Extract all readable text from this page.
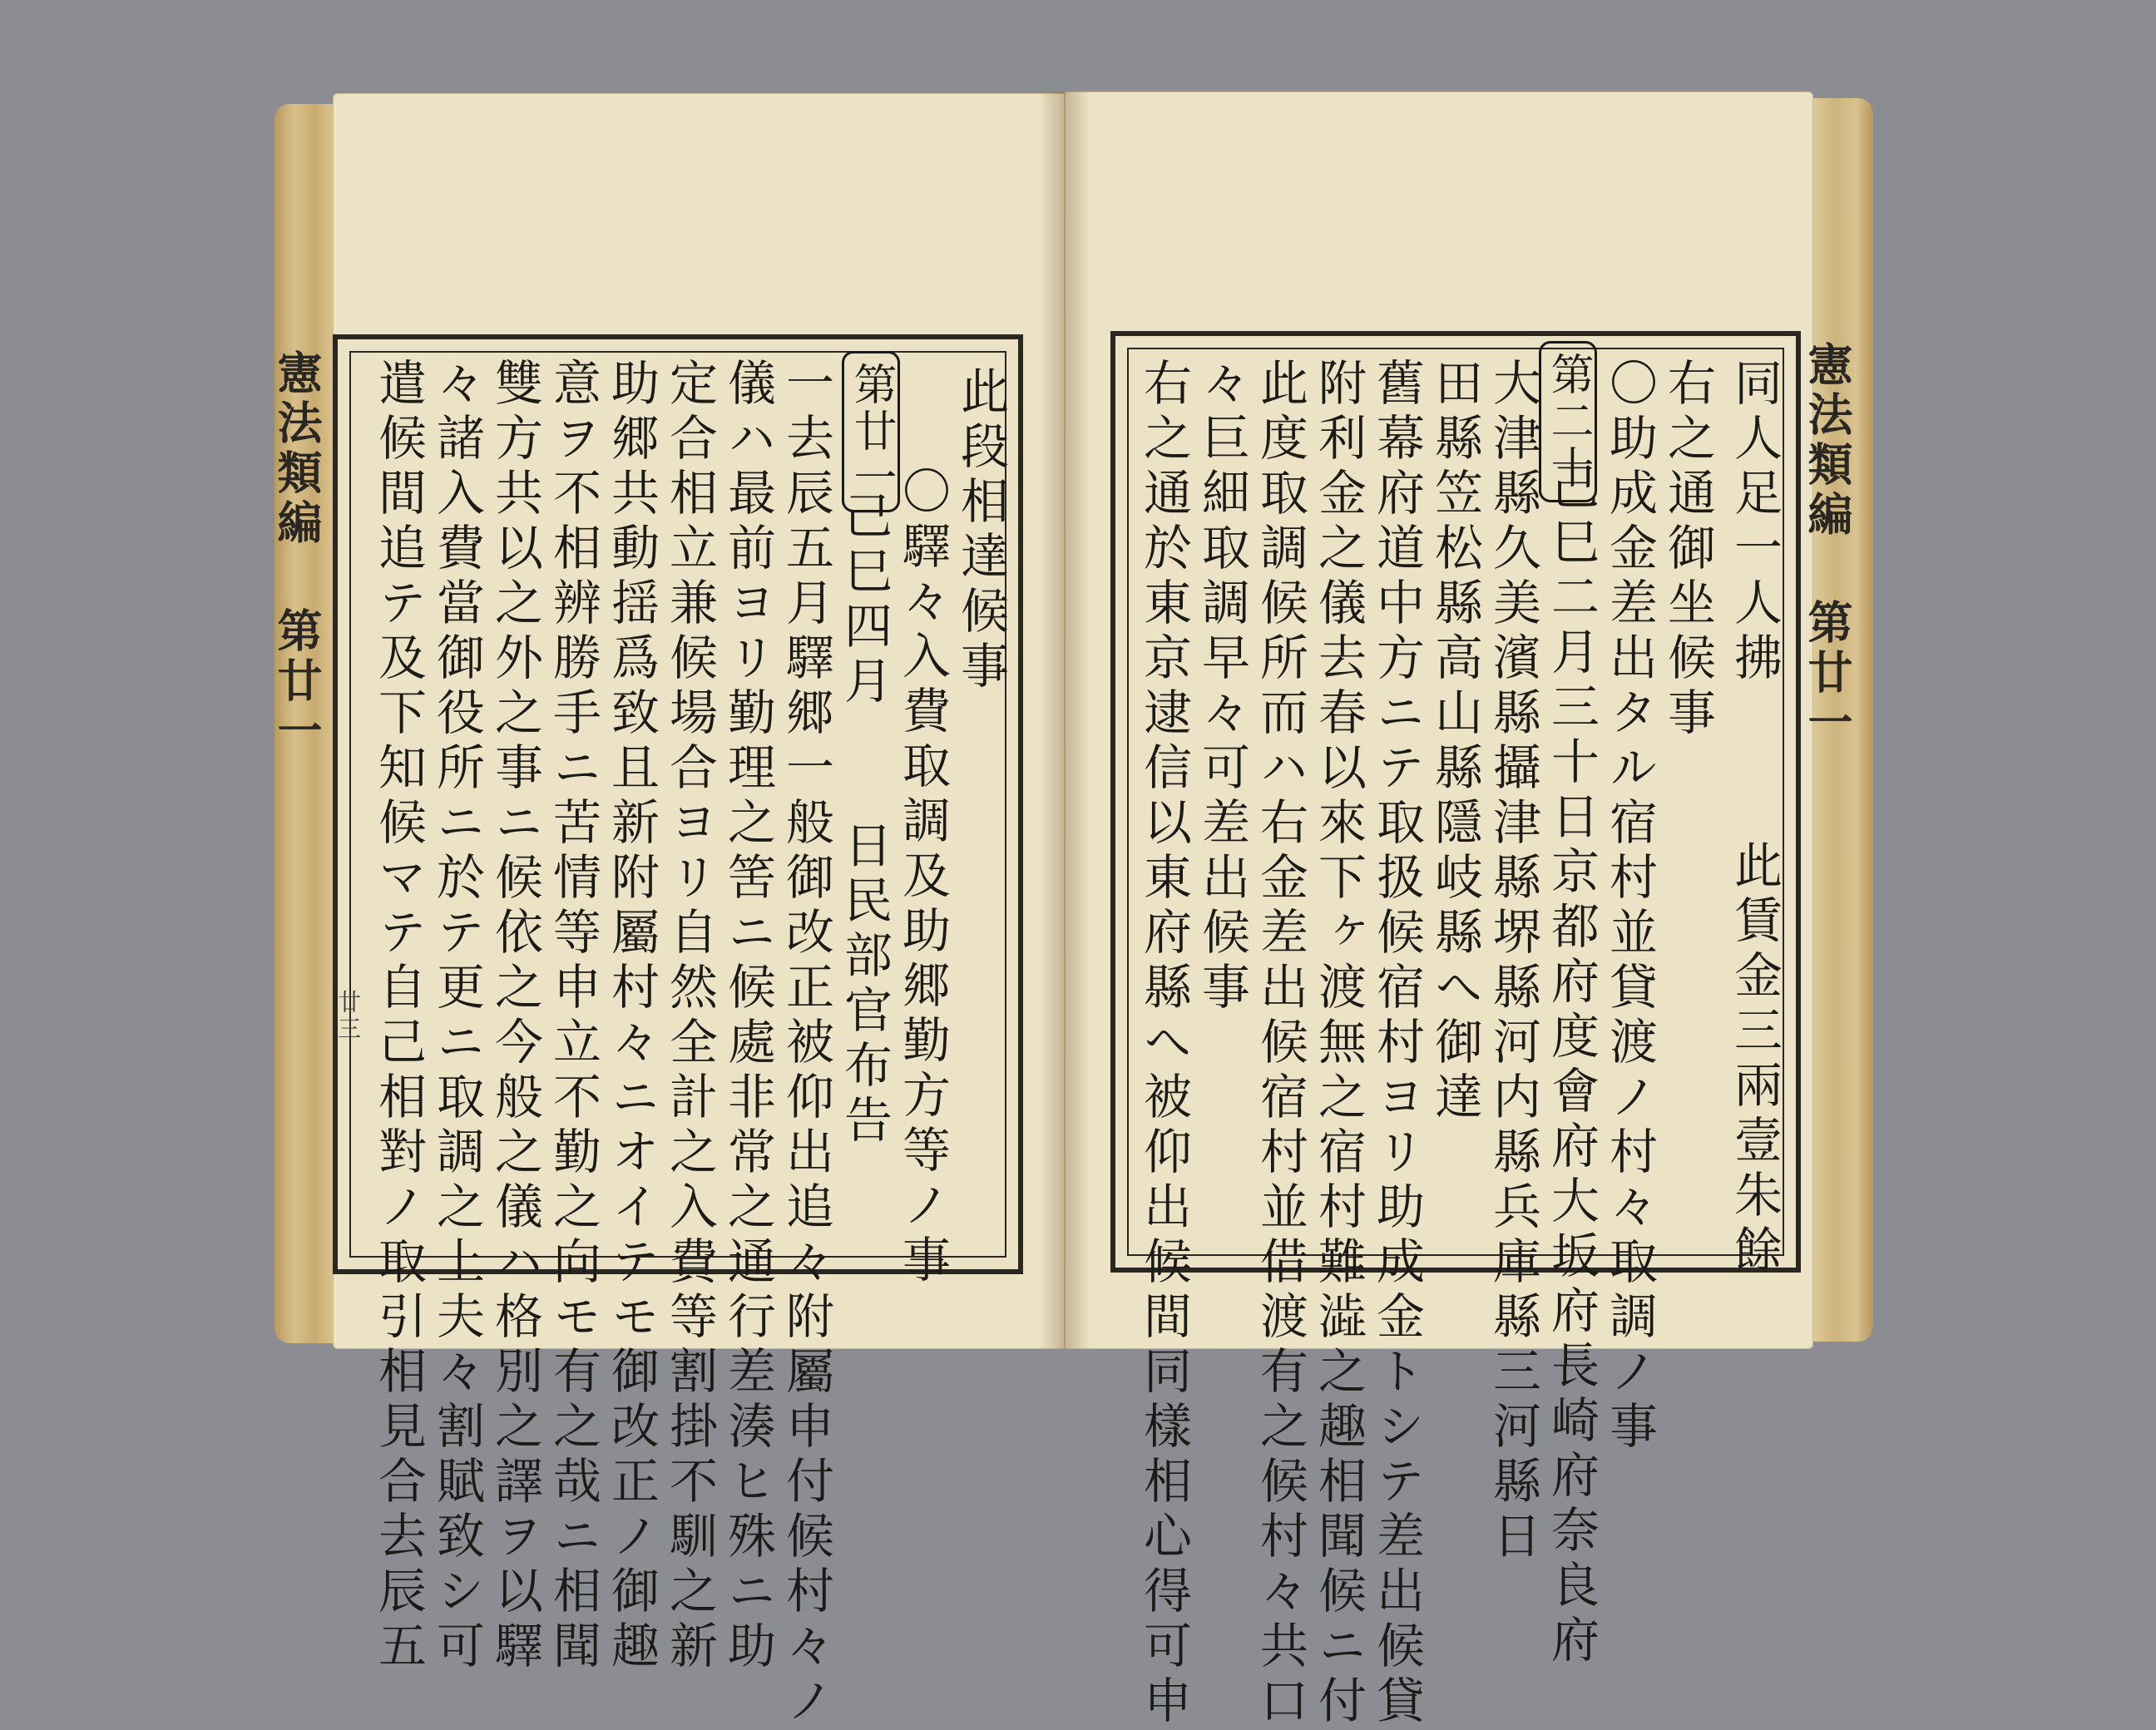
憲法類編 第廿一
廿三
此段相達候事
〇驛々入費取調及助郷勤方等ノ事
第廿一
己巳四月　　日民部官布告
一去辰五月驛郷一般御改正被仰出追々附屬申付候村々ノ
儀ハ最前ヨリ勤理之筈ニ候處非常之通行差湊ヒ殊ニ助
定合相立兼候場合ヨリ自然全計之入費等割掛不馴之新
助郷共動揺爲致且新附屬村々ニオイテモ御改正ノ御趣
意ヲ不相辨勝手ニ苦情等申立不勤之向モ有之哉ニ相聞
雙方共以之外之事ニ候依之今般之儀ハ格別之譯ヲ以驛
々諸入費當御役所ニ於テ更ニ取調之上夫々割賦致シ可
遣候間追テ及下知候マテ自己相對ノ取引相見合去辰五	憲法類編 第廿一
同人足一人拂
此賃金三兩壹朱餘
右之通御坐候事
第二十 〇助成金差出タル宿村並貸渡ノ村々取調ノ事
己巳二月三十日京都府度會府大坂府長崎府奈良府
大津縣久美濱縣攝津縣堺縣河内縣兵庫縣三河縣日
田縣笠松縣高山縣隱岐縣へ御達
舊幕府道中方ニテ取扱候宿村ヨリ助成金トシテ差出候貸
附利金之儀去春以來下ヶ渡無之宿村難澁之趣相聞候ニ付
此度取調候所而ハ右金差出候宿村並借渡有之候村々共口
々巨細取調早々可差出候事
右之通於東京逮信以東府縣へ被仰出候間同樣相心得可申
